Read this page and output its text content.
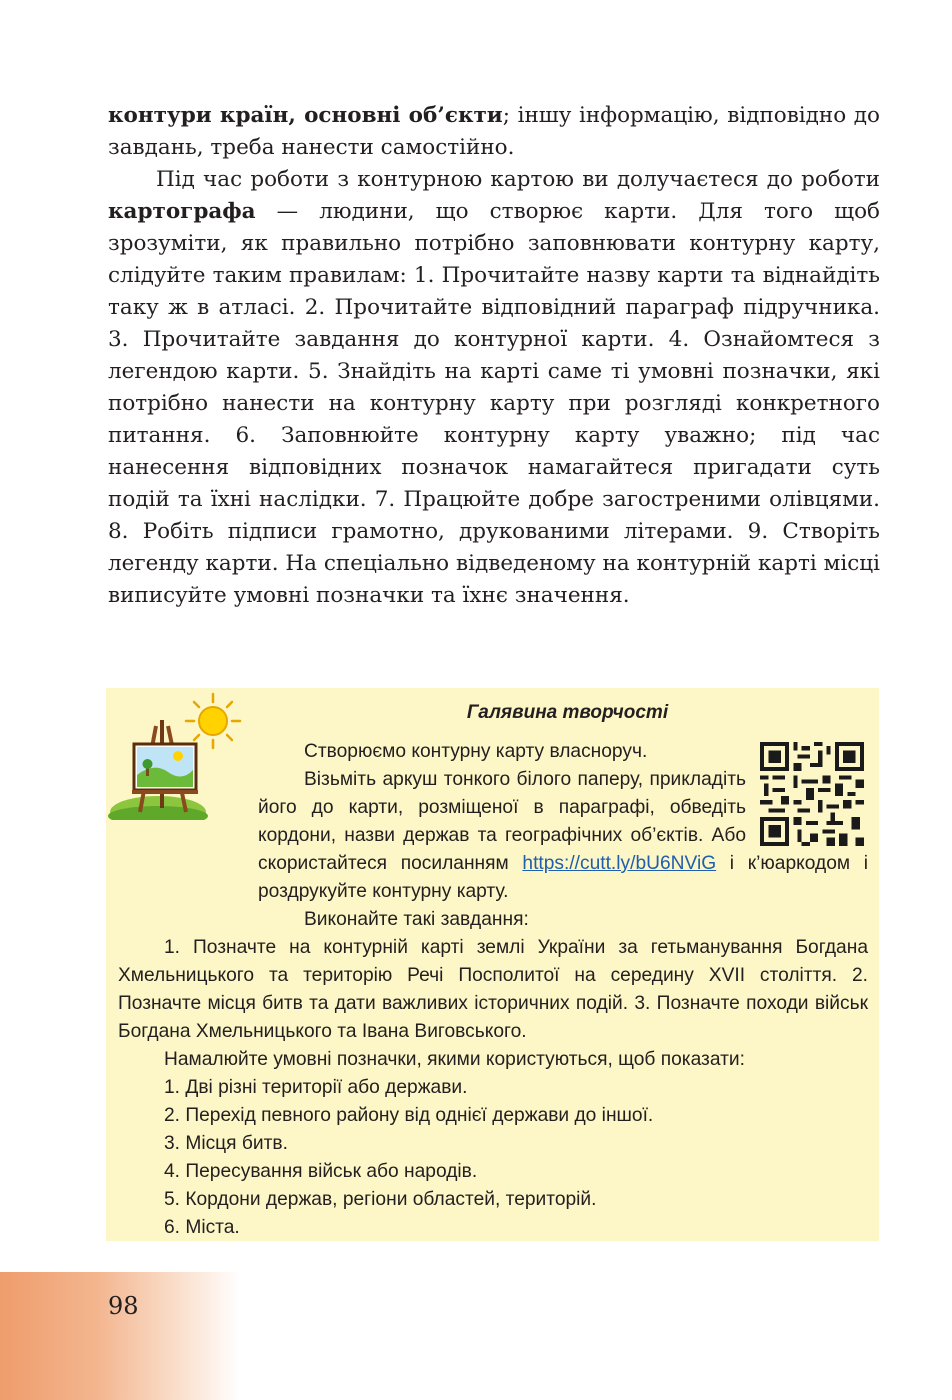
контури країн, основні об’єкти; іншу інформацію, відповідно до завдань, треба нанести самостійно.

Під час роботи з контурною картою ви долучаєтеся до роботи картографа — людини, що створює карти. Для того щоб зрозуміти, як правильно потрібно заповнювати контурну карту, слідуйте таким правилам: 1. Прочитайте назву карти та віднайдіть таку ж в атласі. 2. Прочитайте відповідний параграф підручника. 3. Прочитайте завдання до контурної карти. 4. Ознайомтеся з легендою карти. 5. Знайдіть на карті саме ті умовні позначки, які потрібно нанести на контурну карту при розгляді конкретного питання. 6. Заповнюйте контурну карту уважно; під час нанесення відповідних позначок намагайтеся пригадати суть подій та їхні наслідки. 7. Працюйте добре загостреними олівцями. 8. Робіть підписи грамотно, друкованими літерами. 9. Створіть легенду карти. На спеціально відведеному на контурній карті місці виписуйте умовні позначки та їхнє значення.

Галявина творчості

Створюємо контурну карту власноруч.

Візьміть аркуш тонкого білого паперу, прикладіть його до карти, розміщеної в параграфі, обведіть кордони, назви держав та географічних об’єктів. Або скористайтеся посиланням https://cutt.ly/bU6NViG і к’юаркодом і роздрукуйте контурну карту.

Виконайте такі завдання:

1. Позначте на контурній карті землі України за гетьманування Богдана Хмельницького та територію Речі Посполитої на середину XVII століття. 2. Позначте місця битв та дати важливих історичних подій. 3. Позначте походи військ Богдана Хмельницького та Івана Виговського.

Намалюйте умовні позначки, якими користуються, щоб показати:

1. Дві різні території або держави.

2. Перехід певного району від однієї держави до іншої.

3. Місця битв.

4. Пересування військ або народів.

5. Кордони держав, регіони областей, територій.

6. Міста.

98
